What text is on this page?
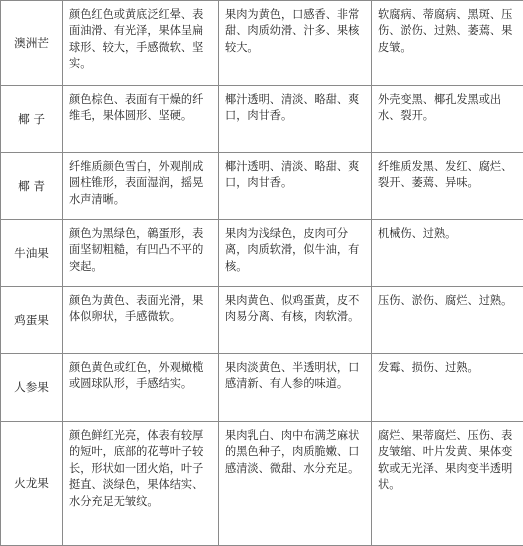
澳洲芒	颜色红色或黄底泛红晕、表面油滑、有光泽，果体呈扁球形、较大，手感微软、坚实。	果肉为黄色，口感香、非常甜、肉质幼滑、汁多、果核较大。	软腐病、蒂腐病、黑斑、压伤、淤伤、过熟、萎蔫、果皮皱。
椰 子	颜色棕色、表面有干燥的纤维毛，果体圆形、坚硬。	椰汁透明、清淡、略甜、爽口，肉甘香。	外壳变黑、椰孔发黑或出水、裂开。
椰 青	纤维质颜色雪白，外观削成圆柱锥形，表面湿润，摇晃水声清晰。	椰汁透明、清淡、略甜、爽口，肉甘香。	纤维质发黑、发红、腐烂、裂开、萎蔫、异味。
牛油果	颜色为黑绿色，鶙蛋形，表面坚韧粗糙，有凹凸不平的突起。	果肉为浅绿色，皮肉可分离，肉质软滑，似牛油，有核。	机械伤、过熟。
鸡蛋果	颜色为黄色、表面光滑，果体似卵状，手感微软。	果肉黄色、似鸡蛋黄，皮不肉易分离、有核，肉软滑。	压伤、淤伤、腐烂、过熟。
人参果	颜色黄色或红色，外观橄榄或圆球队形，手感结实。	果肉淡黄色、半透明状，口感清新、有人参的味道。	发霉、损伤、过熟。
火龙果	颜色鲜红光亮，体表有较厚的短叶，底部的花萼叶子较长，形状如一团火焰，叶子挺直、淡绿色，果体结实、水分充足无皱纹。	果肉乳白、肉中布满芝麻状的黑色种子，肉质脆嫩、口感清淡、微甜、水分充足。	腐烂、果蒂腐烂、压伤、表皮皱缩、叶片发黄、果体变软或无光泽、果肉变半透明状。
